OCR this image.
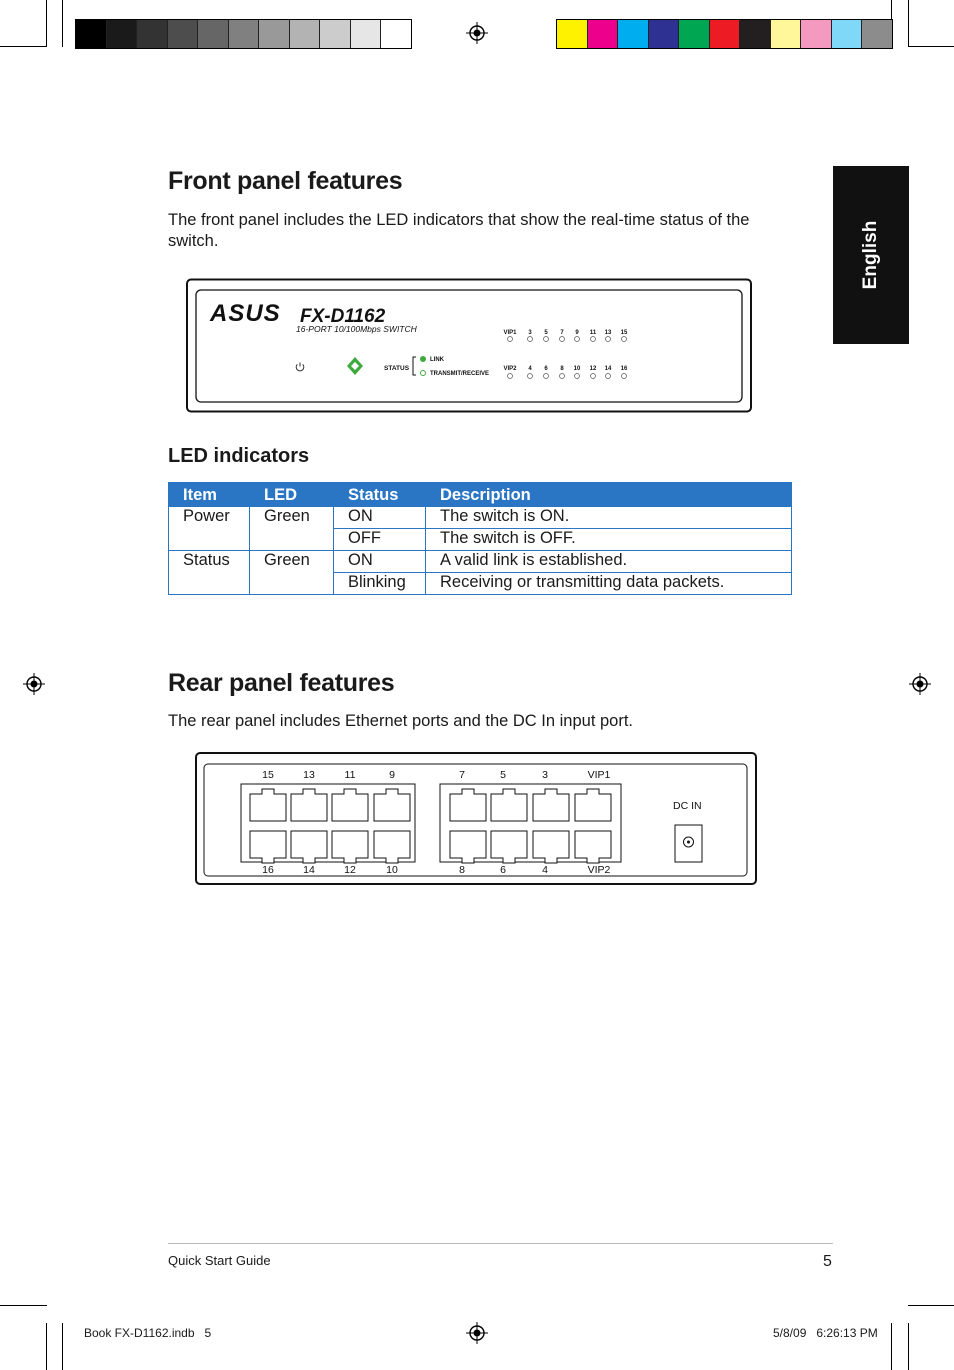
English
Front panel features

The front panel includes the LED indicators that show the real-time status of the switch.

ASUS FX-D1162
16-PORT 10/100Mbps SWITCH
STATUS
LINK
TRANSMIT/RECEIVE
VIP1 3 5 7 9 11 13 15
VIP2 4 6 8 10 12 14 16
LED indicators
Item	LED	Status	Description
Power	Green	ON	The switch is ON.
		OFF	The switch is OFF.
Status	Green	ON	A valid link is established.
		Blinking	Receiving or transmitting data packets.
Rear panel features

The rear panel includes Ethernet ports and the DC In input port.

15
16
13
14
11
12
9
10
7
8
5
6
3
4
VIP1
VIP2
DC IN
Quick Start Guide	5
Book FX-D1162.indb   5	5/8/09   6:26:13 PM
